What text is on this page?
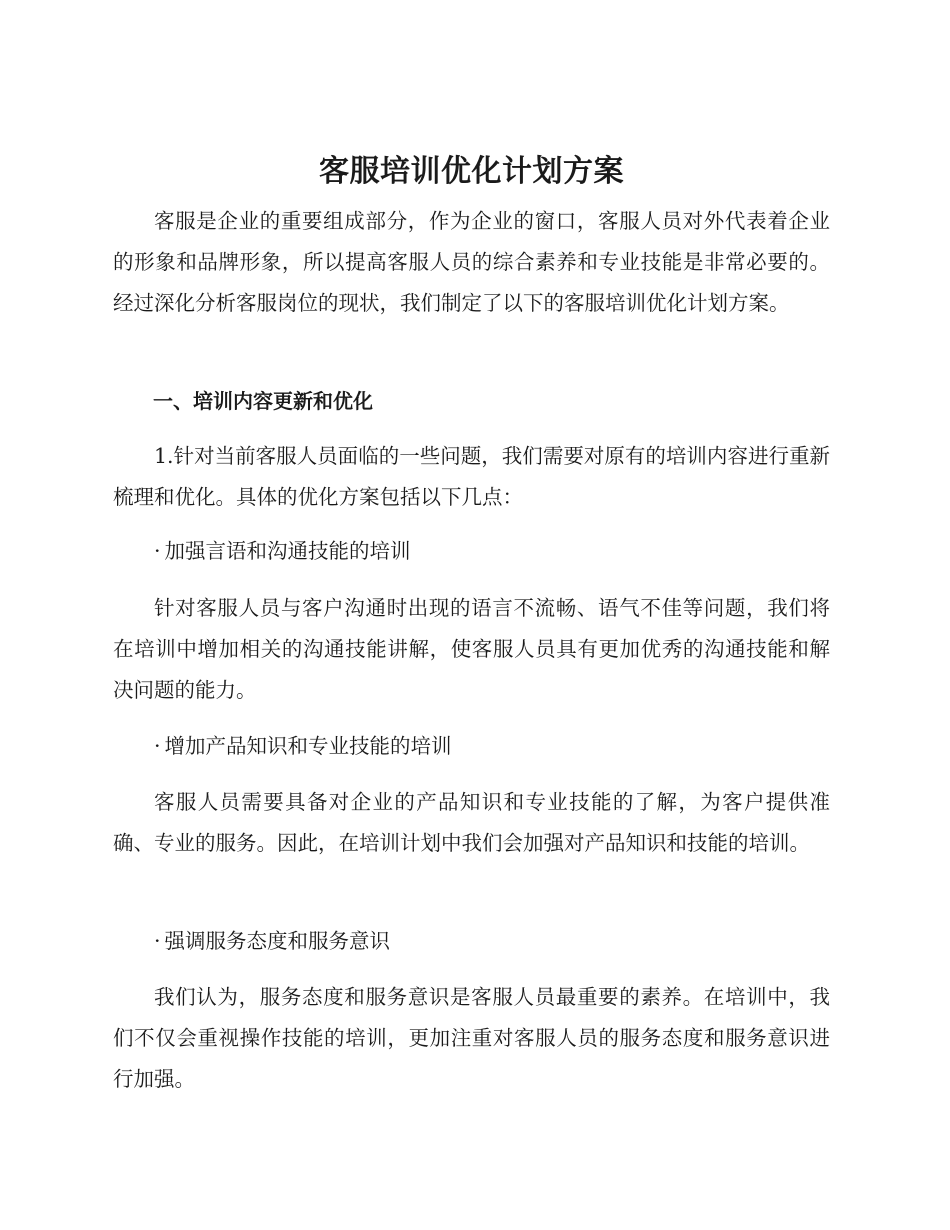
客服培训优化计划方案

客服是企业的重要组成部分，作为企业的窗口，客服人员对外代表着企业的形象和品牌形象，所以提高客服人员的综合素养和专业技能是非常必要的。经过深化分析客服岗位的现状，我们制定了以下的客服培训优化计划方案。

一、培训内容更新和优化

1.针对当前客服人员面临的一些问题，我们需要对原有的培训内容进行重新梳理和优化。具体的优化方案包括以下几点：

· 加强言语和沟通技能的培训

针对客服人员与客户沟通时出现的语言不流畅、语气不佳等问题，我们将在培训中增加相关的沟通技能讲解，使客服人员具有更加优秀的沟通技能和解决问题的能力。

· 增加产品知识和专业技能的培训

客服人员需要具备对企业的产品知识和专业技能的了解，为客户提供准确、专业的服务。因此，在培训计划中我们会加强对产品知识和技能的培训。

· 强调服务态度和服务意识

我们认为，服务态度和服务意识是客服人员最重要的素养。在培训中，我们不仅会重视操作技能的培训，更加注重对客服人员的服务态度和服务意识进行加强。
